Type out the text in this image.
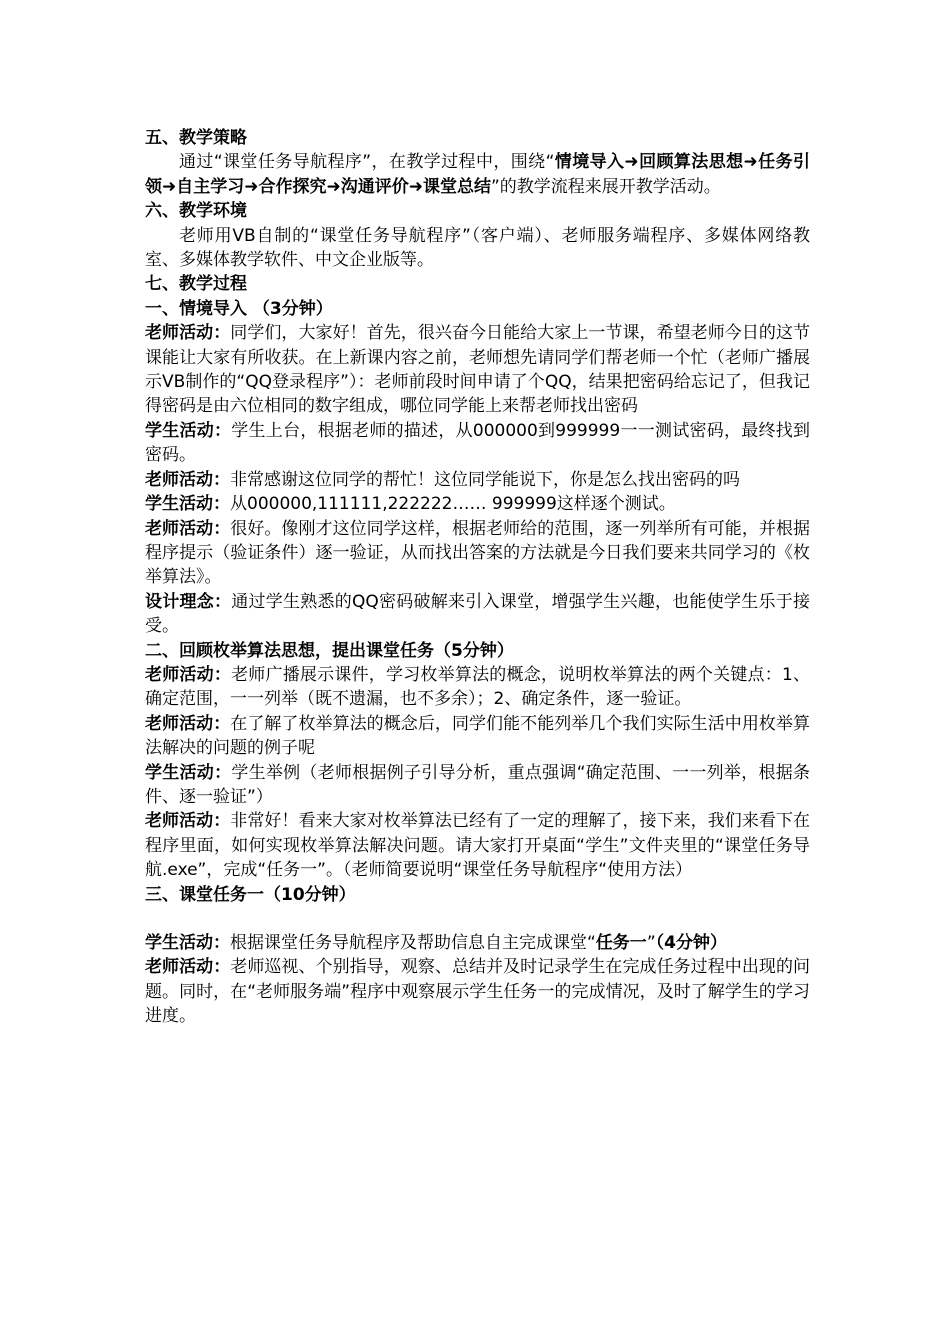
五、教学策略

通过“课堂任务导航程序”，在教学过程中，围绕“情境导入➜回顾算法思想➜任务引领➜自主学习➜合作探究➜沟通评价➜课堂总结”的教学流程来展开教学活动。

六、教学环境

老师用VB自制的“课堂任务导航程序”（客户端）、老师服务端程序、多媒体网络教室、多媒体教学软件、中文企业版等。

七、教学过程

一、情境导入 （3分钟）

老师活动：同学们，大家好！首先，很兴奋今日能给大家上一节课，希望老师今日的这节课能让大家有所收获。在上新课内容之前，老师想先请同学们帮老师一个忙（老师广播展示VB制作的“QQ登录程序”）：老师前段时间申请了个QQ，结果把密码给忘记了，但我记得密码是由六位相同的数字组成，哪位同学能上来帮老师找出密码

学生活动：学生上台，根据老师的描述，从000000到999999一一测试密码，最终找到密码。

老师活动：非常感谢这位同学的帮忙！这位同学能说下，你是怎么找出密码的吗

学生活动：从000000,111111,222222…… 999999这样逐个测试。

老师活动：很好。像刚才这位同学这样，根据老师给的范围，逐一列举所有可能，并根据程序提示（验证条件）逐一验证，从而找出答案的方法就是今日我们要来共同学习的《枚举算法》。

设计理念：通过学生熟悉的QQ密码破解来引入课堂，增强学生兴趣，也能使学生乐于接受。

二、回顾枚举算法思想，提出课堂任务（5分钟）

老师活动：老师广播展示课件，学习枚举算法的概念，说明枚举算法的两个关键点：1、确定范围，一一列举（既不遗漏，也不多余）；2、确定条件，逐一验证。

老师活动：在了解了枚举算法的概念后，同学们能不能列举几个我们实际生活中用枚举算法解决的问题的例子呢

学生活动：学生举例（老师根据例子引导分析，重点强调“确定范围、一一列举，根据条件、逐一验证”）

老师活动：非常好！看来大家对枚举算法已经有了一定的理解了，接下来，我们来看下在程序里面，如何实现枚举算法解决问题。请大家打开桌面“学生”文件夹里的“课堂任务导航.exe”，完成“任务一”。（老师简要说明“课堂任务导航程序“使用方法）

三、课堂任务一（10分钟）

学生活动：根据课堂任务导航程序及帮助信息自主完成课堂“任务一”（4分钟）

老师活动：老师巡视、个别指导，观察、总结并及时记录学生在完成任务过程中出现的问题。同时，在“老师服务端”程序中观察展示学生任务一的完成情况，及时了解学生的学习进度。
